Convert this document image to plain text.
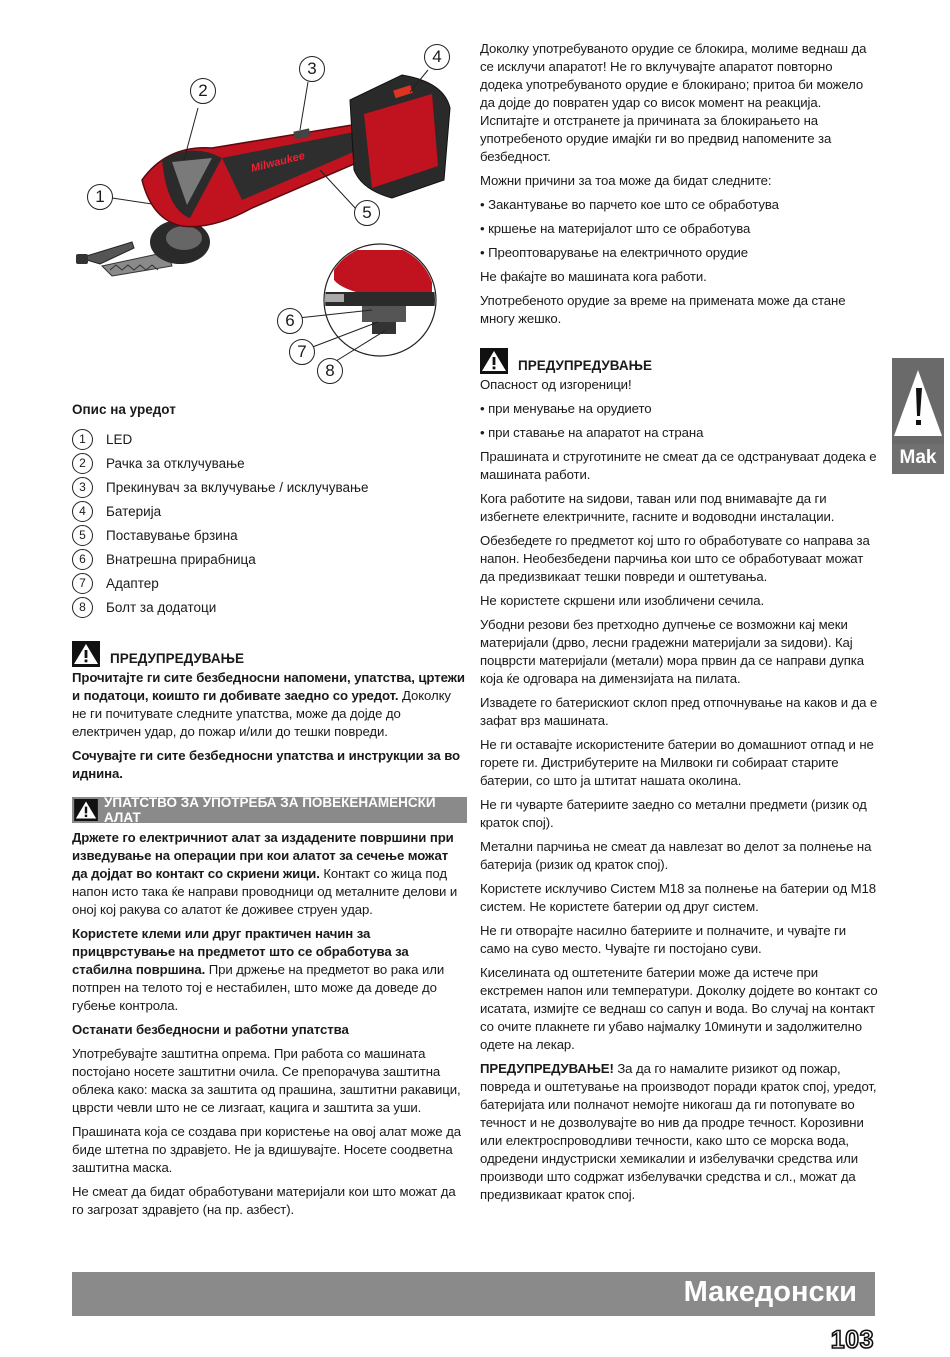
Milwaukee
1
2
3
4
5
6
7
8
Опис на уредот
1	LED
2	Рачка за отклучување
3	Прекинувач за вклучување / исклучување
4	Батерија
5	Поставување брзина
6	Внатрешна прирабница
7	Адаптер
8	Болт за додатоци
ПРЕДУПРЕДУВАЊЕ

Прочитајте ги сите безбедносни напомени, упатства, цртежи и податоци, коишто ги добивате заедно со уредот. Доколку не ги почитувате следните упатства, може да дојде до електричен удар, до пожар и/или до тешки повреди.

Сочувајте ги сите безбедносни упатства и инструкции за во иднина.

УПАТСТВО ЗА УПОТРЕБА ЗА ПОВЕЌЕНАМЕНСКИ АЛАТ

Држете го електричниот алат за издадените површини при изведување на операции при кои алатот за сечење можат да дојдат во контакт со скриени жици. Контакт со жица под напон исто така ќе направи проводници од металните делови и оној кој ракува со алатот ќе доживее струен удар.

Користете клеми или друг практичен начин за прицврстување на предметот што се обработува за стабилна површина. При држење на предметот во рака или потпрен на телото тој е нестабилен, што може да доведе до губење контрола.

Останати безбедносни и работни упатства

Употребувајте заштитна опрема. При работа со машината постојано носете заштитни очила. Се препорачува заштитна облека како: маска за заштита од прашина, заштитни ракавици, цврсти чевли што не се лизгаат, кацига и заштита за уши.

Прашината која се создава при користење на овој алат може да биде штетна по здравјето. Не ја вдишувајте. Носете соодветна заштитна маска.

Не смеат да бидат обработувани материјали кои што можат да го загрозат здравјето (на пр. азбест).

Доколку употребуваното орудие се блокира, молиме веднаш да се исклучи апаратот! Не го вклучувајте апаратот повторно додека употребуваното орудие е блокирано; притоа би можело да дојде до повратен удар со висок момент на реакција. Испитајте и отстранете ја причината за блокирањето на употребеното орудие имајќи ги во предвид напомените за безбедност.

Можни причини за тоа може да бидат следните:

• Закантување во парчето кое што се обработува

• кршење на материјалот што се обработува

• Преоптоварување на електричното орудие

Не фаќајте во машината кога работи.

Употребеното орудие за време на примената може да стане многу жешко.

ПРЕДУПРЕДУВАЊЕ

Опасност од изгореници!

• при менување на орудието

• при ставање на апаратот на страна

Прашината и струготините не смеат да се одстрануваат додека е машината работи.

Кога работите на ѕидови, таван или под внимавајте да ги избегнете електричните, гасните и водоводни инсталации.

Обезбедете го предметот кој што го обработувате со направа за напон. Необезбедени парчиња кои што се обработуваат можат да предизвикаат тешки повреди и оштетувања.

Не користете скршени или изобличени сечила.

Убодни резови без претходно дупчење се возможни кај меки материјали (дрво, лесни градежни материјали за ѕидови). Кај поцврсти материјали (метали) мора првин да се направи дупка која ќе одговара на димензијата на пилата.

Извадете го батерискиот склоп пред отпочнување на каков и да е зафат врз машината.

Не ги оставајте искористените батерии во домашниот отпад и не горете ги. Дистрибутерите на Милвоки ги собираат старите батерии, со што ја штитат нашата околина.

Не ги чуварте батериите заедно со метални предмети (ризик од краток спој).

Метални парчиња не смеат да навлезат во делот за полнење на батерија (ризик од краток спој).

Користете исклучиво Систем М18 за полнење на батерии од М18 систем. Не користете батерии од друг систем.

Не ги отворајте насилно батериите и полначите, и чувајте ги само на суво место. Чувајте ги постојано суви.

Киселината од оштетените батерии може да истече при екстремен напон или температури. Доколку дојдете во контакт со исатата, измијте се веднаш со сапун и вода. Во случај на контакт со очите плакнете ги убаво најмалку 10минути и задолжително одете на лекар.

ПРЕДУПРЕДУВАЊЕ! За да го намалите ризикот од пожар, повреда и оштетување на производот поради краток спој, уредот, батеријата или полначот немојте никогаш да ги потопувате во течност и не дозволувајте во нив да продре течност. Корозивни или електроспроводливи течности, како што се морска вода, одредени индустриски хемикалии и избелувачки средства или производи што содржат избелувачки средства и сл., можат да предизвикаат краток спој.

Mak
Македонски
103
